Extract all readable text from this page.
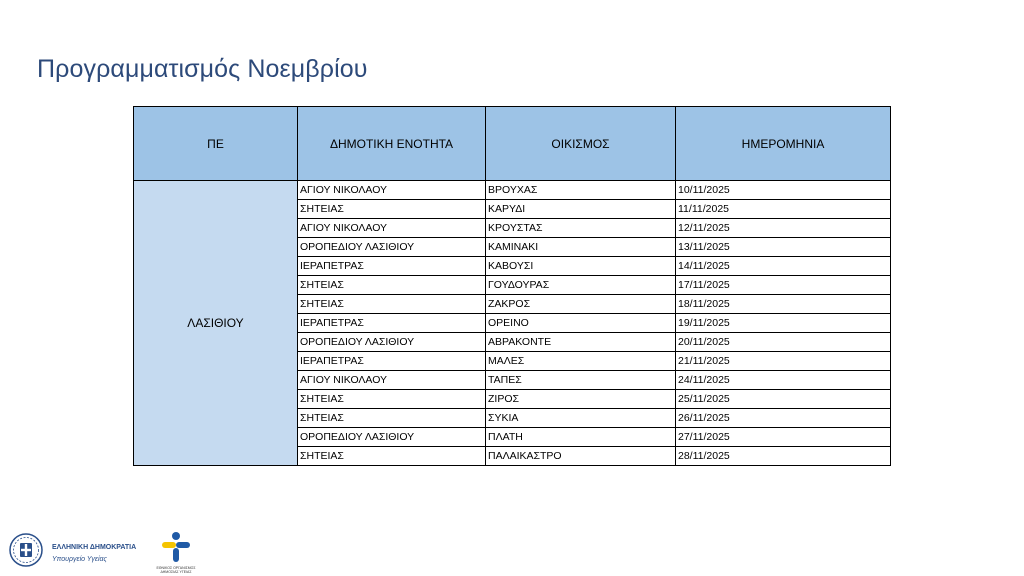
Προγραμματισμός Νοεμβρίου
ΠΕ	ΔΗΜΟΤΙΚΗ ΕΝΟΤΗΤΑ	ΟΙΚΙΣΜΟΣ	ΗΜΕΡΟΜΗΝΙΑ
ΛΑΣΙΘΙΟΥ	ΑΓΙΟΥ ΝΙΚΟΛΑΟΥ	ΒΡΟΥΧΑΣ	10/11/2025
	ΣΗΤΕΙΑΣ	ΚΑΡΥΔΙ	11/11/2025
	ΑΓΙΟΥ ΝΙΚΟΛΑΟΥ	ΚΡΟΥΣΤΑΣ	12/11/2025
	ΟΡΟΠΕΔΙΟΥ ΛΑΣΙΘΙΟΥ	ΚΑΜΙΝΑΚΙ	13/11/2025
	ΙΕΡΑΠΕΤΡΑΣ	ΚΑΒΟΥΣΙ	14/11/2025
	ΣΗΤΕΙΑΣ	ΓΟΥΔΟΥΡΑΣ	17/11/2025
	ΣΗΤΕΙΑΣ	ΖΑΚΡΟΣ	18/11/2025
	ΙΕΡΑΠΕΤΡΑΣ	ΟΡΕΙΝΟ	19/11/2025
	ΟΡΟΠΕΔΙΟΥ ΛΑΣΙΘΙΟΥ	ΑΒΡΑΚΟΝΤΕ	20/11/2025
	ΙΕΡΑΠΕΤΡΑΣ	ΜΑΛΕΣ	21/11/2025
	ΑΓΙΟΥ ΝΙΚΟΛΑΟΥ	ΤΑΠΕΣ	24/11/2025
	ΣΗΤΕΙΑΣ	ΖΙΡΟΣ	25/11/2025
	ΣΗΤΕΙΑΣ	ΣΥΚΙΑ	26/11/2025
	ΟΡΟΠΕΔΙΟΥ ΛΑΣΙΘΙΟΥ	ΠΛΑΤΗ	27/11/2025
	ΣΗΤΕΙΑΣ	ΠΑΛΑΙΚΑΣΤΡΟ	28/11/2025
ΕΛΛΗΝΙΚΗ ΔΗΜΟΚΡΑΤΙΑ
Υπουργείο Υγείας
ΕΘΝΙΚΟΣ ΟΡΓΑΝΙΣΜΟΣ ΔΗΜΟΣΙΑΣ ΥΓΕΙΑΣ
